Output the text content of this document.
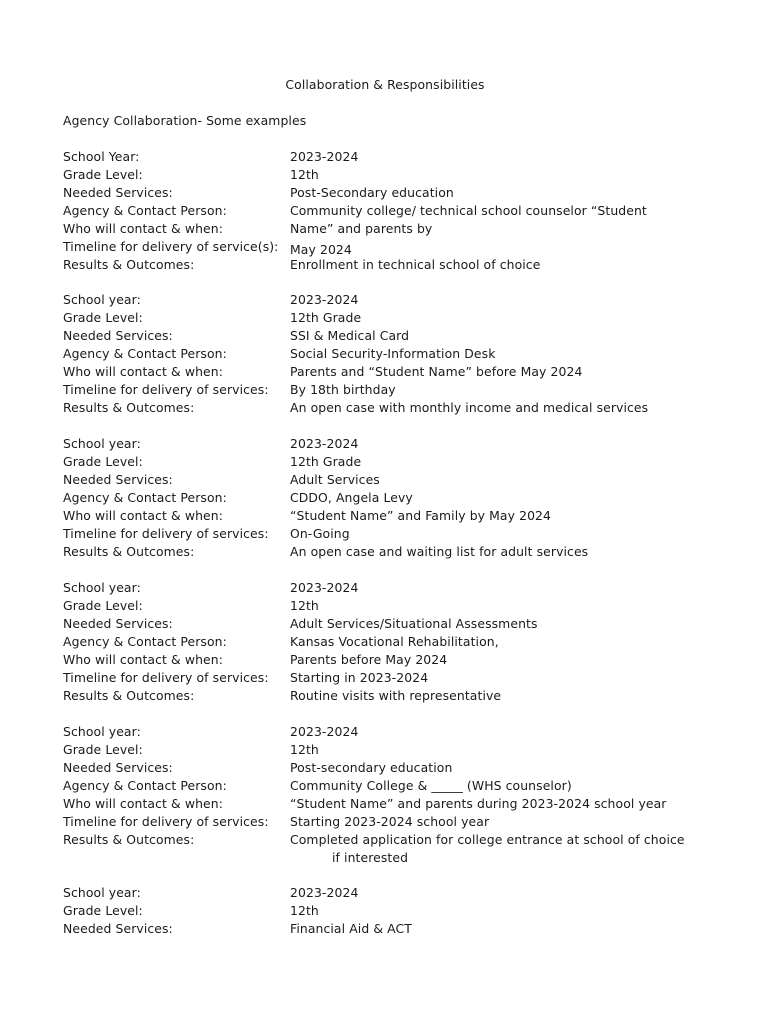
Collaboration & Responsibilities
Agency Collaboration- Some examples
School Year:	2023-2024
Grade Level:	12th
Needed Services:	Post-Secondary education
Agency & Contact Person:	Community college/ technical school counselor “Student
Who will contact & when:	Name” and parents by
Timeline for delivery of service(s): May 2024
Results & Outcomes:	Enrollment in technical school of choice
School year:	2023-2024
Grade Level:	12th Grade
Needed Services:	SSI & Medical Card
Agency & Contact Person:	Social Security-Information Desk
Who will contact & when:	Parents and “Student Name” before May 2024
Timeline for delivery of services: By 18th birthday
Results & Outcomes:	An open case with monthly income and medical services
School year:	2023-2024
Grade Level:	12th Grade
Needed Services:	Adult Services
Agency & Contact Person:	CDDO, Angela Levy
Who will contact & when:	“Student Name” and Family by May 2024
Timeline for delivery of services: On-Going
Results & Outcomes:	An open case and waiting list for adult services
School year:	2023-2024
Grade Level:	12th
Needed Services:	Adult Services/Situational Assessments
Agency & Contact Person:	Kansas Vocational Rehabilitation,
Who will contact & when:	Parents before May 2024
Timeline for delivery of services: Starting in 2023-2024
Results & Outcomes:	Routine visits with representative
School year:	2023-2024
Grade Level:	12th
Needed Services:	Post-secondary education
Agency & Contact Person:	Community College & _____ (WHS counselor)
Who will contact & when:	“Student Name” and parents during 2023-2024 school year
Timeline for delivery of services: Starting 2023-2024 school year
Results & Outcomes:	Completed application for college entrance at school of choice
if interested
School year:	2023-2024
Grade Level:	12th
Needed Services:	Financial Aid & ACT
